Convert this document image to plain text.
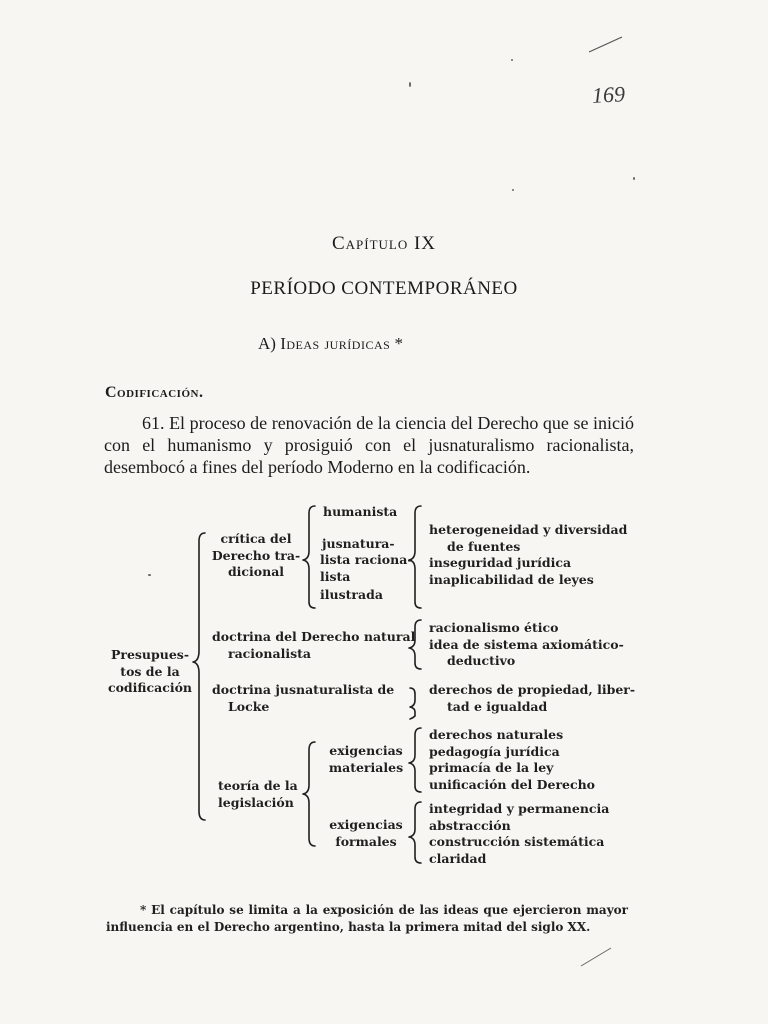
169
Capítulo IX
PERÍODO CONTEMPORÁNEO
A) Ideas jurídicas *
Codificación.
61. El proceso de renovación de la ciencia del Derecho que se inició con el humanismo y prosiguió con el jusnaturalismo racionalista, desembocó a fines del período Moderno en la codificación.
Presupues-
tos de la
codificación
crítica del
Derecho tra-
dicional
humanista
jusnatura-
lista raciona-
lista
ilustrada
heterogeneidad y diversidad
de fuentes
inseguridad jurídica
inaplicabilidad de leyes
doctrina del Derecho natural
racionalista
racionalismo ético
idea de sistema axiomático-
deductivo
doctrina jusnaturalista de
Locke
derechos de propiedad, liber-
tad e igualdad
teoría de la
legislación
exigencias
materiales
derechos naturales
pedagogía jurídica
primacía de la ley
unificación del Derecho
exigencias
formales
integridad y permanencia
abstracción
construcción sistemática
claridad
* El capítulo se limita a la exposición de las ideas que ejercieron mayor influencia en el Derecho argentino, hasta la primera mitad del siglo XX.
